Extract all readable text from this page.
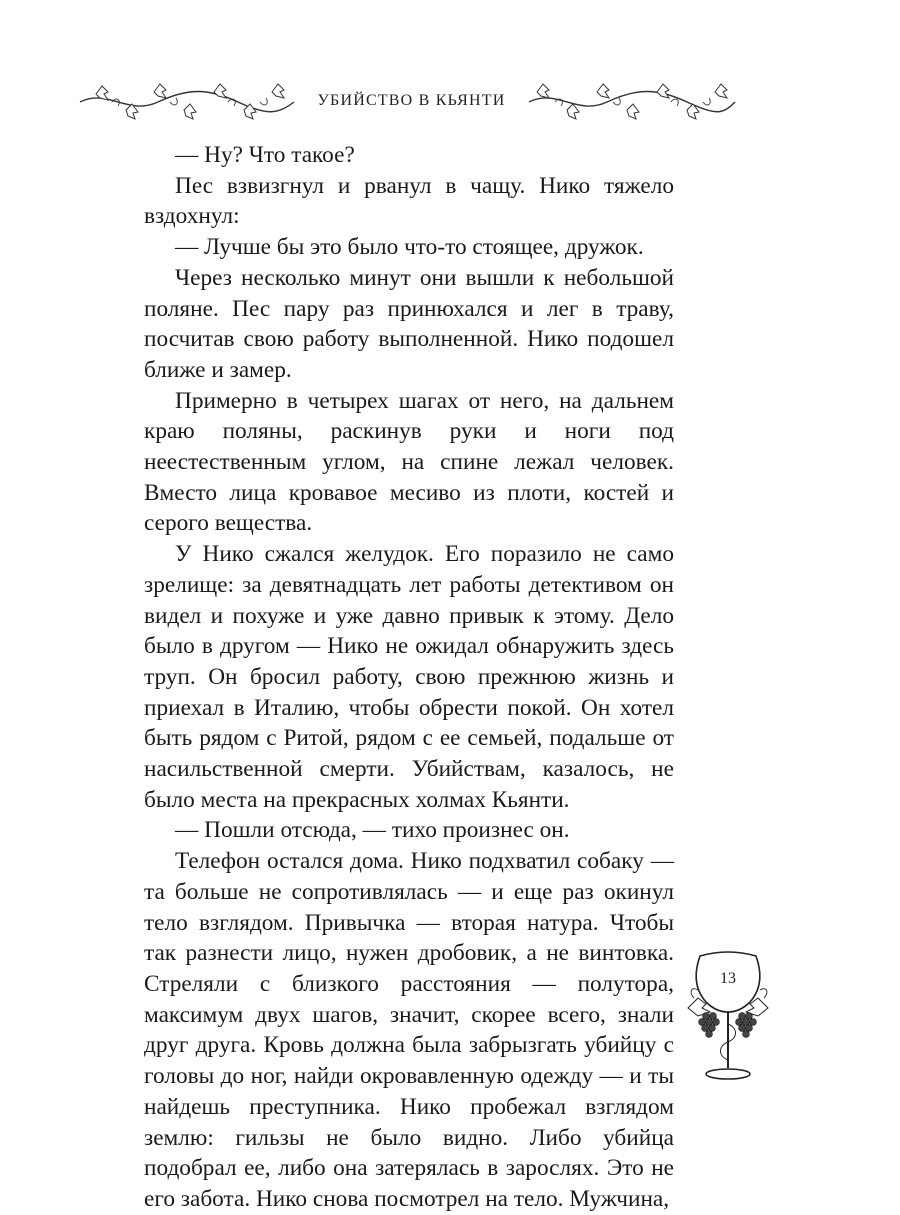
УБИЙСТВО В КЬЯНТИ

— Ну? Что такое?

Пес взвизгнул и рванул в чащу. Нико тяжело вздохнул:

— Лучше бы это было что-то стоящее, дружок.

Через несколько минут они вышли к небольшой поляне. Пес пару раз принюхался и лег в траву, посчитав свою работу выполненной. Нико подошел ближе и замер.

Примерно в четырех шагах от него, на дальнем краю поляны, раскинув руки и ноги под неестественным углом, на спине лежал человек. Вместо лица кровавое месиво из плоти, костей и серого вещества.

У Нико сжался желудок. Его поразило не само зрелище: за девятнадцать лет работы детективом он видел и похуже и уже давно привык к этому. Дело было в другом — Нико не ожидал обнаружить здесь труп. Он бросил работу, свою прежнюю жизнь и приехал в Италию, чтобы обрести покой. Он хотел быть рядом с Ритой, рядом с ее семьей, подальше от насильственной смерти. Убийствам, казалось, не было места на прекрасных холмах Кьянти.

— Пошли отсюда, — тихо произнес он.

Телефон остался дома. Нико подхватил собаку — та больше не сопротивлялась — и еще раз окинул тело взглядом. Привычка — вторая натура. Чтобы так разнести лицо, нужен дробовик, а не винтовка. Стреляли с близкого расстояния — полутора, максимум двух шагов, значит, скорее всего, знали друг друга. Кровь должна была забрызгать убийцу с головы до ног, найди окровавленную одежду — и ты найдешь преступника. Нико пробежал взглядом землю: гильзы не было видно. Либо убийца подобрал ее, либо она затерялась в зарослях. Это не его забота. Нико снова посмотрел на тело. Мужчина,

13
